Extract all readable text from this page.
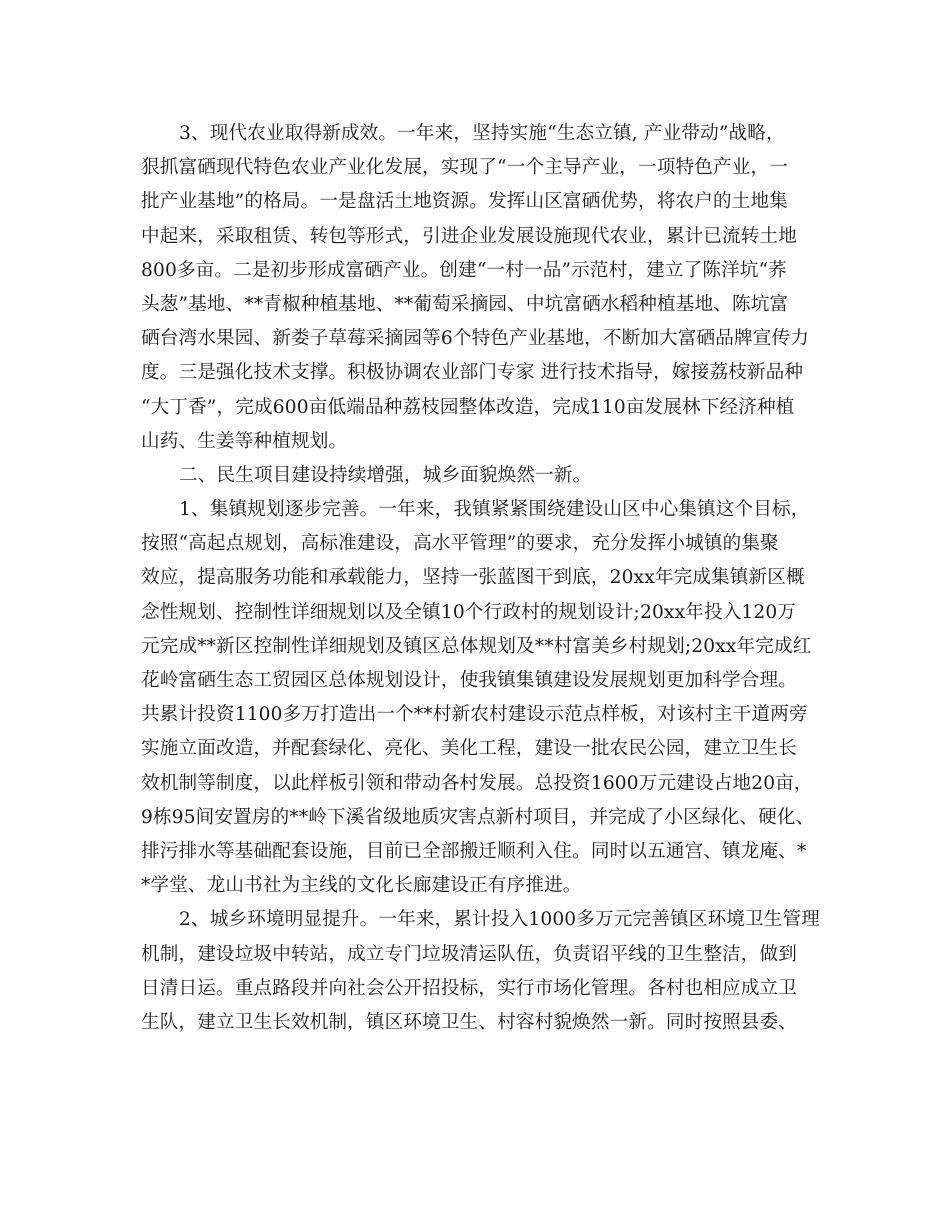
3、现代农业取得新成效。一年来，坚持实施“生态立镇, 产业带动”战略，
狠抓富硒现代特色农业产业化发展，实现了“一个主导产业，一项特色产业，一
批产业基地”的格局。一是盘活土地资源。发挥山区富硒优势，将农户的土地集
中起来，采取租赁、转包等形式，引进企业发展设施现代农业，累计已流转土地
800多亩。二是初步形成富硒产业。创建“一村一品”示范村，建立了陈洋坑“荞
头葱”基地、**青椒种植基地、**葡萄采摘园、中坑富硒水稻种植基地、陈坑富
硒台湾水果园、新娄子草莓采摘园等6个特色产业基地，不断加大富硒品牌宣传力
度。三是强化技术支撑。积极协调农业部门专家 进行技术指导，嫁接荔枝新品种
“大丁香”，完成600亩低端品种荔枝园整体改造，完成110亩发展林下经济种植
山药、生姜等种植规划。
二、民生项目建设持续增强，城乡面貌焕然一新。
1、集镇规划逐步完善。一年来，我镇紧紧围绕建设山区中心集镇这个目标，
按照“高起点规划，高标准建设，高水平管理”的要求，充分发挥小城镇的集聚
效应，提高服务功能和承载能力，坚持一张蓝图干到底，20xx年完成集镇新区概
念性规划、控制性详细规划以及全镇10个行政村的规划设计;20xx年投入120万
元完成**新区控制性详细规划及镇区总体规划及**村富美乡村规划;20xx年完成红
花岭富硒生态工贸园区总体规划设计，使我镇集镇建设发展规划更加科学合理。
共累计投资1100多万打造出一个**村新农村建设示范点样板，对该村主干道两旁
实施立面改造，并配套绿化、亮化、美化工程，建设一批农民公园，建立卫生长
效机制等制度，以此样板引领和带动各村发展。总投资1600万元建设占地20亩，
9栋95间安置房的**岭下溪省级地质灾害点新村项目，并完成了小区绿化、硬化、
排污排水等基础配套设施，目前已全部搬迁顺利入住。同时以五通宫、镇龙庵、*
*学堂、龙山书社为主线的文化长廊建设正有序推进。
2、城乡环境明显提升。一年来，累计投入1000多万元完善镇区环境卫生管理
机制，建设垃圾中转站，成立专门垃圾清运队伍，负责诏平线的卫生整洁，做到
日清日运。重点路段并向社会公开招投标，实行市场化管理。各村也相应成立卫
生队，建立卫生长效机制，镇区环境卫生、村容村貌焕然一新。同时按照县委、
